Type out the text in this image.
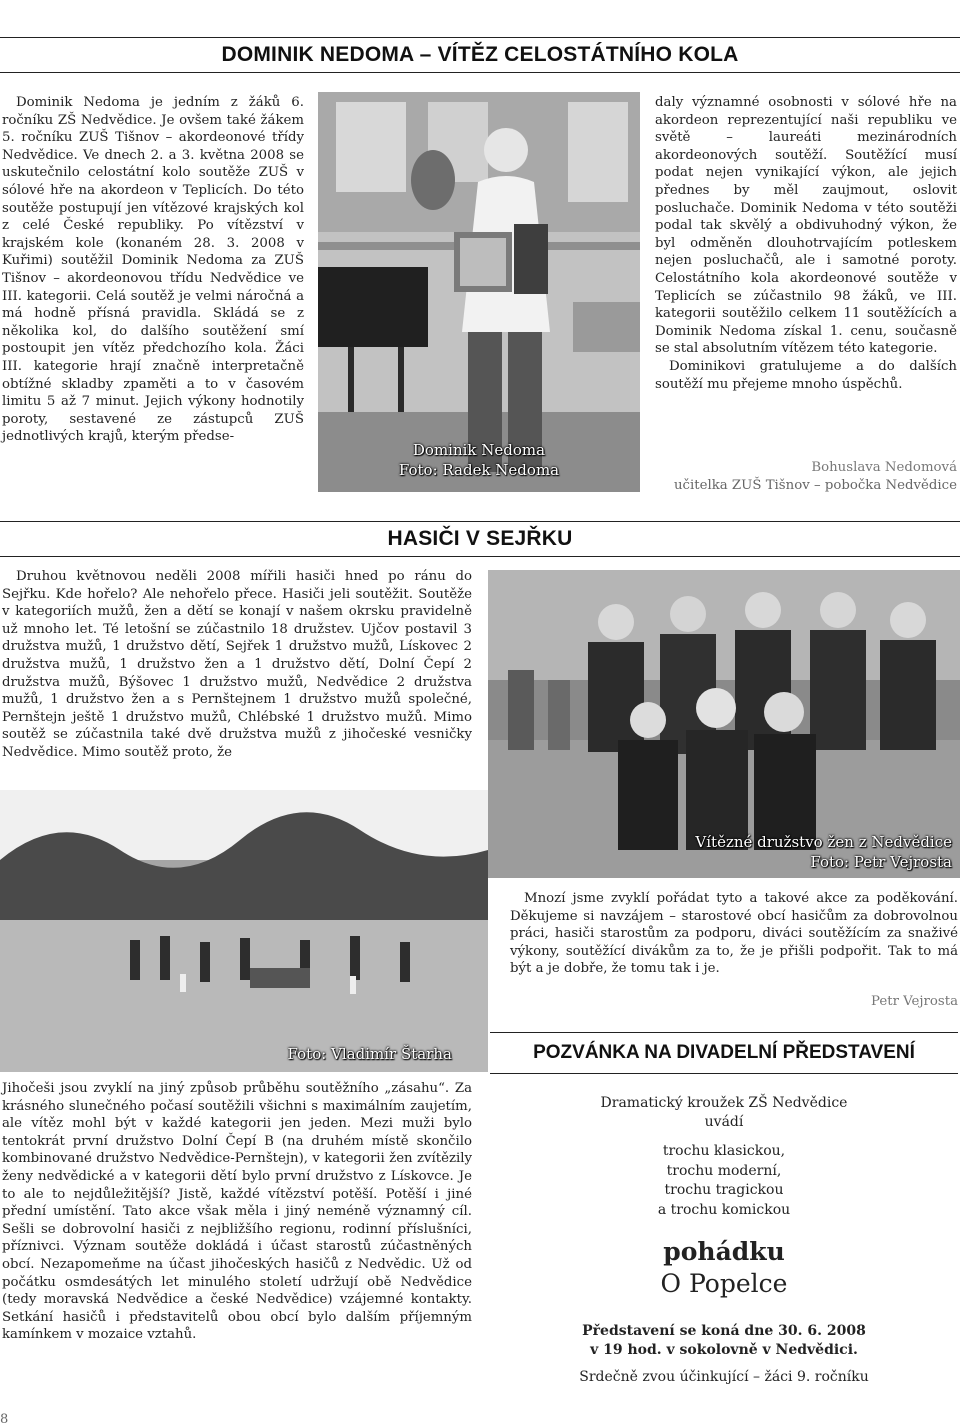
DOMINIK NEDOMA – VÍTĚZ CELOSTÁTNÍHO KOLA

Dominik Nedoma je jedním z žáků 6. ročníku ZŠ Nedvědice. Je ovšem také žákem 5. ročníku ZUŠ Tišnov – akordeonové třídy Nedvědice. Ve dnech 2. a 3. května 2008 se uskutečnilo celostátní kolo soutěže ZUŠ v sólové hře na akordeon v Teplicích. Do této soutěže postupují jen vítězové krajských kol z celé České republiky. Po vítězství v krajském kole (konaném 28. 3. 2008 v Kuřimi) soutěžil Dominik Nedoma za ZUŠ Tišnov – akordeonovou třídu Nedvědice ve III. kategorii. Celá soutěž je velmi náročná a má hodně přísná pravidla. Skládá se z několika kol, do dalšího soutěžení smí postoupit jen vítěz předchozího kola. Žáci III. kategorie hrají značně interpretačně obtížné skladby zpaměti a to v časovém limitu 5 až 7 minut. Jejich výkony hodnotily poroty, sestavené ze zástupců ZUŠ jednotlivých krajů, kterým předse-

Dominik Nedoma
Foto: Radek Nedoma

daly významné osobnosti v sólové hře na akordeon reprezentující naši republiku ve světě – laureáti mezinárodních akordeonových soutěží. Soutěžící musí podat nejen vynikající výkon, ale jejich přednes by měl zaujmout, oslovit posluchače. Dominik Nedoma v této soutěži podal tak skvělý a obdivuhodný výkon, že byl odměněn dlouhotrvajícím potleskem nejen posluchačů, ale i samotné poroty. Celostátního kola akordeonové soutěže v Teplicích se zúčastnilo 98 žáků, ve III. kategorii soutěžilo celkem 11 soutěžících a Dominik Nedoma získal 1. cenu, současně se stal absolutním vítězem této kategorie.

Dominikovi gratulujeme a do dalších soutěží mu přejeme mnoho úspěchů.

Bohuslava Nedomová
učitelka ZUŠ Tišnov – pobočka Nedvědice
HASIČI V SEJŘKU

Druhou květnovou neděli 2008 mířili hasiči hned po ránu do Sejřku. Kde hořelo? Ale nehořelo přece. Hasiči jeli soutěžit. Soutěže v kategoriích mužů, žen a dětí se konají v našem okrsku pravidelně už mnoho let. Té letošní se zúčastnilo 18 družstev. Ujčov postavil 3 družstva mužů, 1 družstvo dětí, Sejřek 1 družstvo mužů, Lískovec 2 družstva mužů, 1 družstvo žen a 1 družstvo dětí, Dolní Čepí 2 družstva mužů, Býšovec 1 družstvo mužů, Nedvědice 2 družstva mužů, 1 družstvo žen a s Pernštejnem 1 družstvo mužů společné, Pernštejn ještě 1 družstvo mužů, Chlébské 1 družstvo mužů. Mimo soutěž se zúčastnila také dvě družstva mužů z jihočeské vesničky Nedvědice. Mimo soutěž proto, že

Vítězné družstvo žen z Nedvědice
Foto: Petr Vejrosta
Foto: Vladimír Štarha

Mnozí jsme zvyklí pořádat tyto a takové akce za poděkování. Děkujeme si navzájem – starostové obcí hasičům za dobrovolnou práci, hasiči starostům za podporu, diváci soutěžícím za snaživé výkony, soutěžící divákům za to, že je přišli podpořit. Tak to má být a je dobře, že tomu tak i je.

Petr Vejrosta

Jihočeši jsou zvyklí na jiný způsob průběhu soutěžního „zásahu“. Za krásného slunečného počasí soutěžili všichni s maximálním zaujetím, ale vítěz mohl být v každé kategorii jen jeden. Mezi muži bylo tentokrát první družstvo Dolní Čepí B (na druhém místě skončilo kombinované družstvo Nedvědice-Pernštejn), v kategorii žen zvítězily ženy nedvědické a v kategorii dětí bylo první družstvo z Lískovce. Je to ale to nejdůležitější? Jistě, každé vítězství potěší. Potěší i jiné přední umístění. Tato akce však měla i jiný neméně významný cíl. Sešli se dobrovolní hasiči z nejbližšího regionu, rodinní příslušníci, příznivci. Význam soutěže dokládá i účast starostů zúčastněných obcí. Nezapomeňme na účast jihočeských hasičů z Nedvědic. Už od počátku osmdesátých let minulého století udržují obě Nedvědice (tedy moravská Nedvědice a české Nedvědice) vzájemné kontakty. Setkání hasičů i představitelů obou obcí bylo dalším příjemným kamínkem v mozaice vztahů.

POZVÁNKA NA DIVADELNÍ PŘEDSTAVENÍ
Dramatický kroužek ZŠ Nedvědice
uvádí
trochu klasickou,
trochu moderní,
trochu tragickou
a trochu komickou
pohádku
O Popelce
Představení se koná dne 30. 6. 2008
v 19 hod. v sokolovně v Nedvědici.
Srdečně zvou účinkující – žáci 9. ročníku
8
